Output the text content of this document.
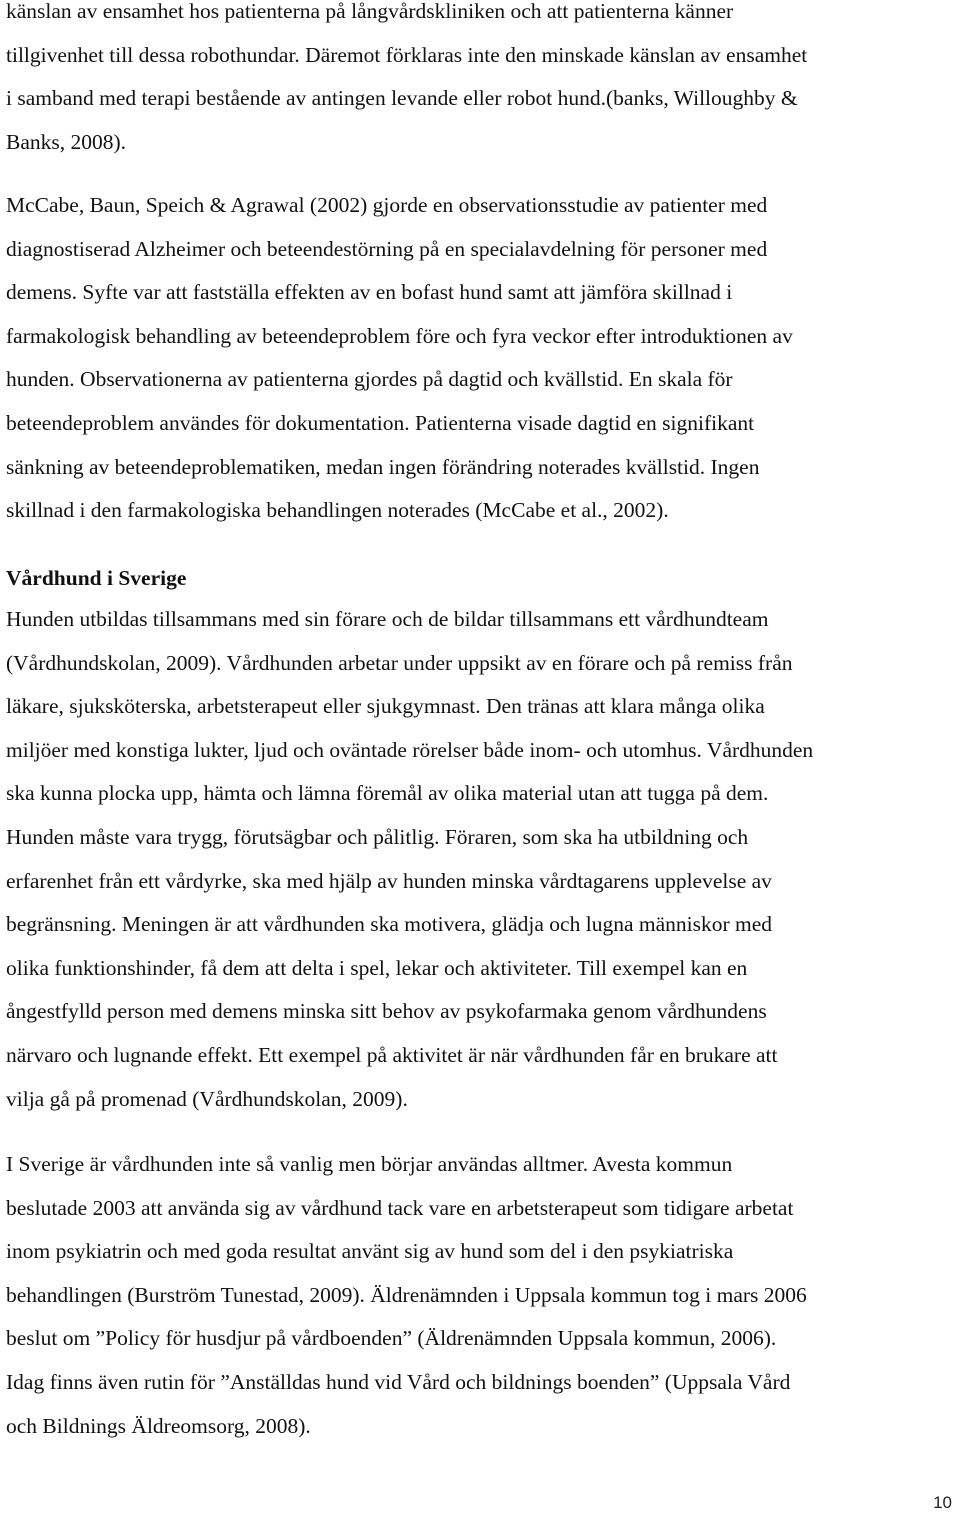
känslan av ensamhet hos patienterna på långvårdskliniken och att patienterna känner
tillgivenhet till dessa robothundar. Däremot förklaras inte den minskade känslan av ensamhet
i samband med terapi bestående av antingen levande eller robot hund.(banks, Willoughby &
Banks, 2008).

McCabe, Baun, Speich & Agrawal (2002) gjorde en observationsstudie av patienter med
diagnostiserad Alzheimer och beteendestörning på en specialavdelning för personer med
demens. Syfte var att fastställa effekten av en bofast hund samt att jämföra skillnad i
farmakologisk behandling av beteendeproblem före och fyra veckor efter introduktionen av
hunden. Observationerna av patienterna gjordes på dagtid och kvällstid. En skala för
beteendeproblem användes för dokumentation. Patienterna visade dagtid en signifikant
sänkning av beteendeproblematiken, medan ingen förändring noterades kvällstid. Ingen
skillnad i den farmakologiska behandlingen noterades (McCabe et al., 2002).

Vårdhund i Sverige

Hunden utbildas tillsammans med sin förare och de bildar tillsammans ett vårdhundteam
(Vårdhundskolan, 2009). Vårdhunden arbetar under uppsikt av en förare och på remiss från
läkare, sjuksköterska, arbetsterapeut eller sjukgymnast. Den tränas att klara många olika
miljöer med konstiga lukter, ljud och oväntade rörelser både inom- och utomhus. Vårdhunden
ska kunna plocka upp, hämta och lämna föremål av olika material utan att tugga på dem.
Hunden måste vara trygg, förutsägbar och pålitlig. Föraren, som ska ha utbildning och
erfarenhet från ett vårdyrke, ska med hjälp av hunden minska vårdtagarens upplevelse av
begränsning. Meningen är att vårdhunden ska motivera, glädja och lugna människor med
olika funktionshinder, få dem att delta i spel, lekar och aktiviteter. Till exempel kan en
ångestfylld person med demens minska sitt behov av psykofarmaka genom vårdhundens
närvaro och lugnande effekt. Ett exempel på aktivitet är när vårdhunden får en brukare att
vilja gå på promenad (Vårdhundskolan, 2009).

I Sverige är vårdhunden inte så vanlig men börjar användas alltmer. Avesta kommun
beslutade 2003 att använda sig av vårdhund tack vare en arbetsterapeut som tidigare arbetat
inom psykiatrin och med goda resultat använt sig av hund som del i den psykiatriska
behandlingen (Burström Tunestad, 2009). Äldrenämnden i Uppsala kommun tog i mars 2006
beslut om ”Policy för husdjur på vårdboenden” (Äldrenämnden Uppsala kommun, 2006).
Idag finns även rutin för ”Anställdas hund vid Vård och bildnings boenden” (Uppsala Vård
och Bildnings Äldreomsorg, 2008).

10
